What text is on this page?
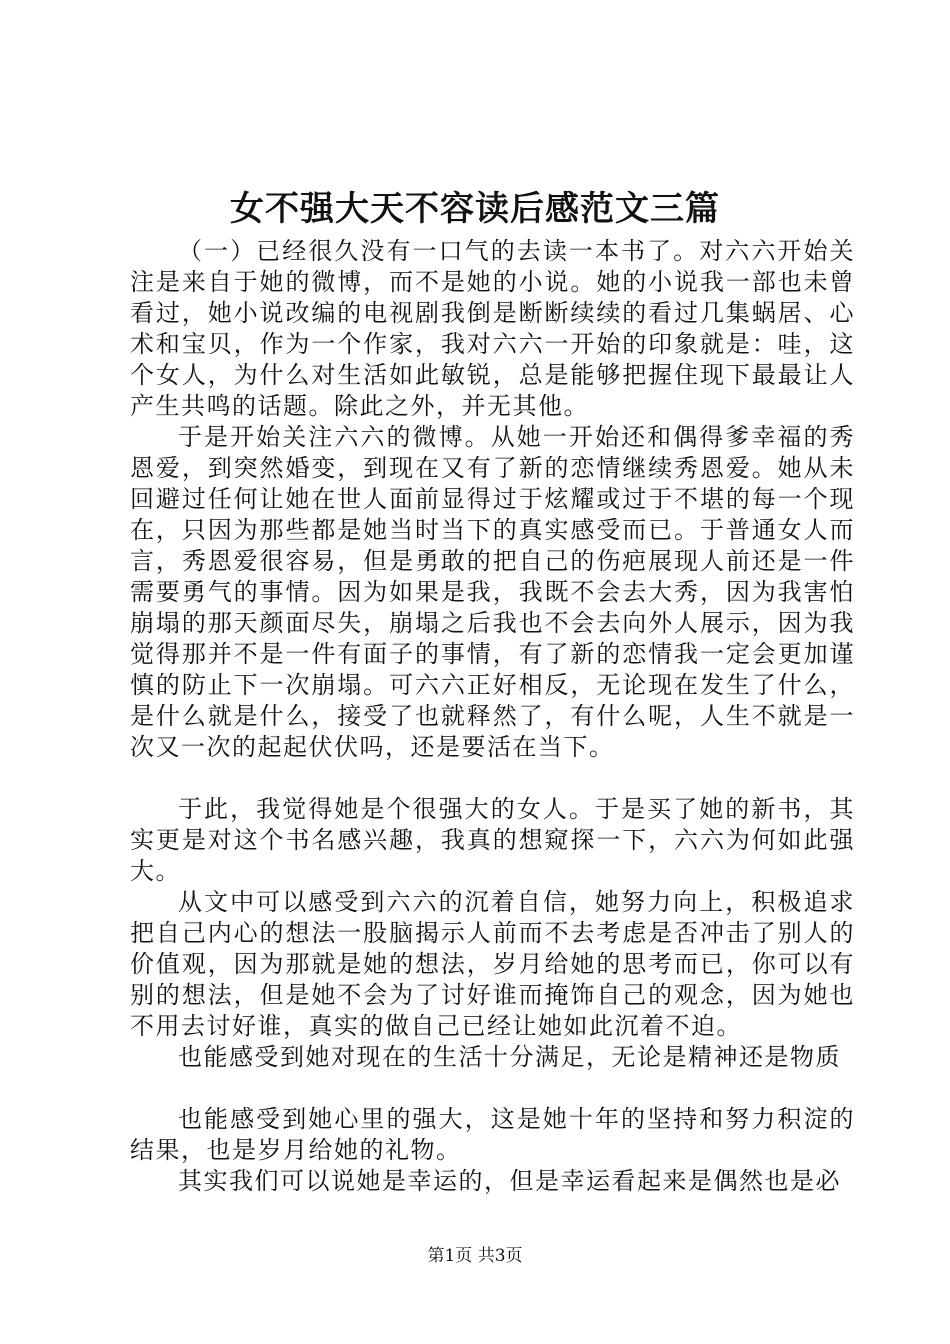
女不强大天不容读后感范文三篇

（一）已经很久没有一口气的去读一本书了。对六六开始关注是来自于她的微博，而不是她的小说。她的小说我一部也未曾看过，她小说改编的电视剧我倒是断断续续的看过几集蜗居、心术和宝贝，作为一个作家，我对六六一开始的印象就是：哇，这个女人，为什么对生活如此敏锐，总是能够把握住现下最最让人产生共鸣的话题。除此之外，并无其他。

于是开始关注六六的微博。从她一开始还和偶得爹幸福的秀恩爱，到突然婚变，到现在又有了新的恋情继续秀恩爱。她从未回避过任何让她在世人面前显得过于炫耀或过于不堪的每一个现在，只因为那些都是她当时当下的真实感受而已。于普通女人而言，秀恩爱很容易，但是勇敢的把自己的伤疤展现人前还是一件需要勇气的事情。因为如果是我，我既不会去大秀，因为我害怕崩塌的那天颜面尽失，崩塌之后我也不会去向外人展示，因为我觉得那并不是一件有面子的事情，有了新的恋情我一定会更加谨慎的防止下一次崩塌。可六六正好相反，无论现在发生了什么，是什么就是什么，接受了也就释然了，有什么呢，人生不就是一次又一次的起起伏伏吗，还是要活在当下。

于此，我觉得她是个很强大的女人。于是买了她的新书，其实更是对这个书名感兴趣，我真的想窥探一下，六六为何如此强大。

从文中可以感受到六六的沉着自信，她努力向上，积极追求把自己内心的想法一股脑揭示人前而不去考虑是否冲击了别人的价值观，因为那就是她的想法，岁月给她的思考而已，你可以有别的想法，但是她不会为了讨好谁而掩饰自己的观念，因为她也不用去讨好谁，真实的做自己已经让她如此沉着不迫。

也能感受到她对现在的生活十分满足，无论是精神还是物质

也能感受到她心里的强大，这是她十年的坚持和努力积淀的结果，也是岁月给她的礼物。

其实我们可以说她是幸运的，但是幸运看起来是偶然也是必

第1页 共3页
